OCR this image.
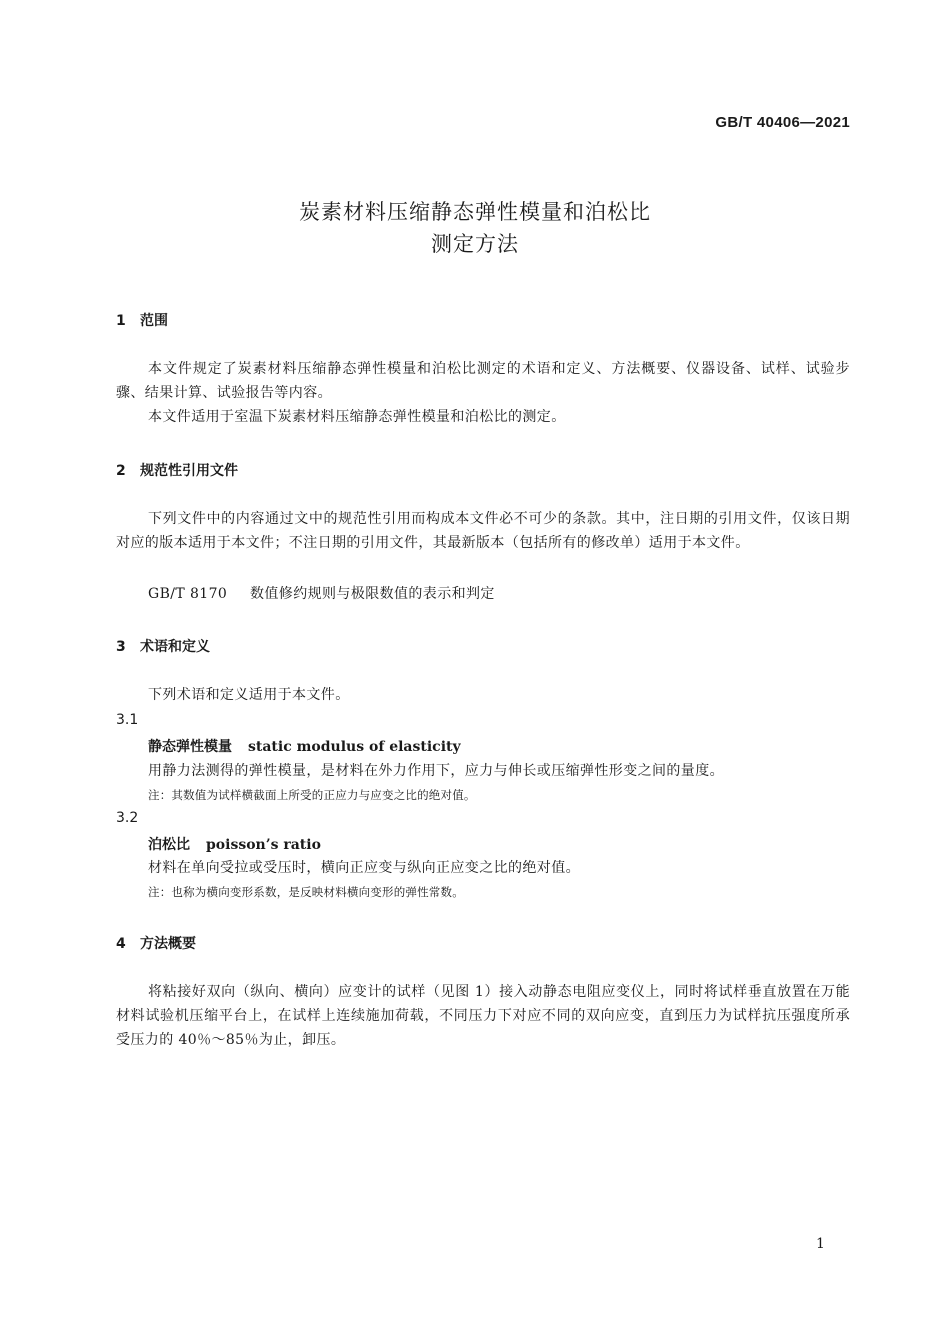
GB/T 40406—2021
炭素材料压缩静态弹性模量和泊松比
测定方法
1 范围
本文件规定了炭素材料压缩静态弹性模量和泊松比测定的术语和定义、方法概要、仪器设备、试样、试验步骤、结果计算、试验报告等内容。
本文件适用于室温下炭素材料压缩静态弹性模量和泊松比的测定。
2 规范性引用文件
下列文件中的内容通过文中的规范性引用而构成本文件必不可少的条款。其中，注日期的引用文件，仅该日期对应的版本适用于本文件；不注日期的引用文件，其最新版本（包括所有的修改单）适用于本文件。
GB/T 8170 数值修约规则与极限数值的表示和判定
3 术语和定义
下列术语和定义适用于本文件。
3.1
静态弹性模量 static modulus of elasticity
用静力法测得的弹性模量，是材料在外力作用下，应力与伸长或压缩弹性形变之间的量度。
注：其数值为试样横截面上所受的正应力与应变之比的绝对值。
3.2
泊松比 poisson’s ratio
材料在单向受拉或受压时，横向正应变与纵向正应变之比的绝对值。
注：也称为横向变形系数，是反映材料横向变形的弹性常数。
4 方法概要
将粘接好双向（纵向、横向）应变计的试样（见图 1）接入动静态电阻应变仪上，同时将试样垂直放置在万能材料试验机压缩平台上，在试样上连续施加荷载，不同压力下对应不同的双向应变，直到压力为试样抗压强度所承受压力的 40％～85％为止，卸压。
1
